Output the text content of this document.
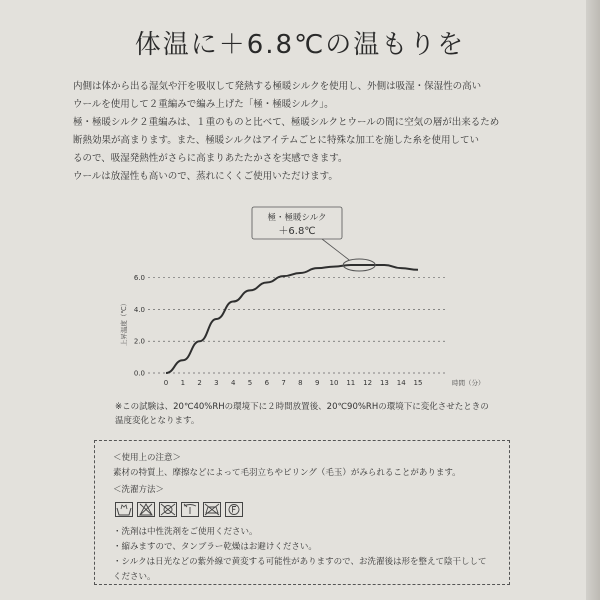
体温に＋6.8℃の温もりを

内側は体から出る湿気や汗を吸収して発熱する極暖シルクを使用し、外側は吸湿・保湿性の高い

ウールを使用して２重編みで編み上げた「極・極暖シルク」。

極・極暖シルク２重編みは、１重のものと比べて、極暖シルクとウールの間に空気の層が出来るため

断熱効果が高まります。また、極暖シルクはアイテムごとに特殊な加工を施した糸を使用してい

るので、吸湿発熱性がさらに高まりあたたかさを実感できます。

ウールは放湿性も高いので、蒸れにくくご使用いただけます。

0.0
2.0
4.0
6.0
0 1 2 3 4 5 6 7 8 9 10 11 12 13 14 15
極・極暖シルク
＋6.8℃
上昇温度（℃）
時間（分）
※この試験は、20℃40%RHの環境下に２時間放置後、20℃90%RHの環境下に変化させたときの
温度変化となります。

＜使用上の注意＞

素材の特質上、摩擦などによって毛羽立ちやピリング（毛玉）がみられることがあります。

＜洗濯方法＞

・洗剤は中性洗剤をご使用ください。

・縮みますので、タンブラー乾燥はお避けください。

・シルクは日光などの紫外線で黄変する可能性がありますので、お洗濯後は形を整えて陰干ししてください。
